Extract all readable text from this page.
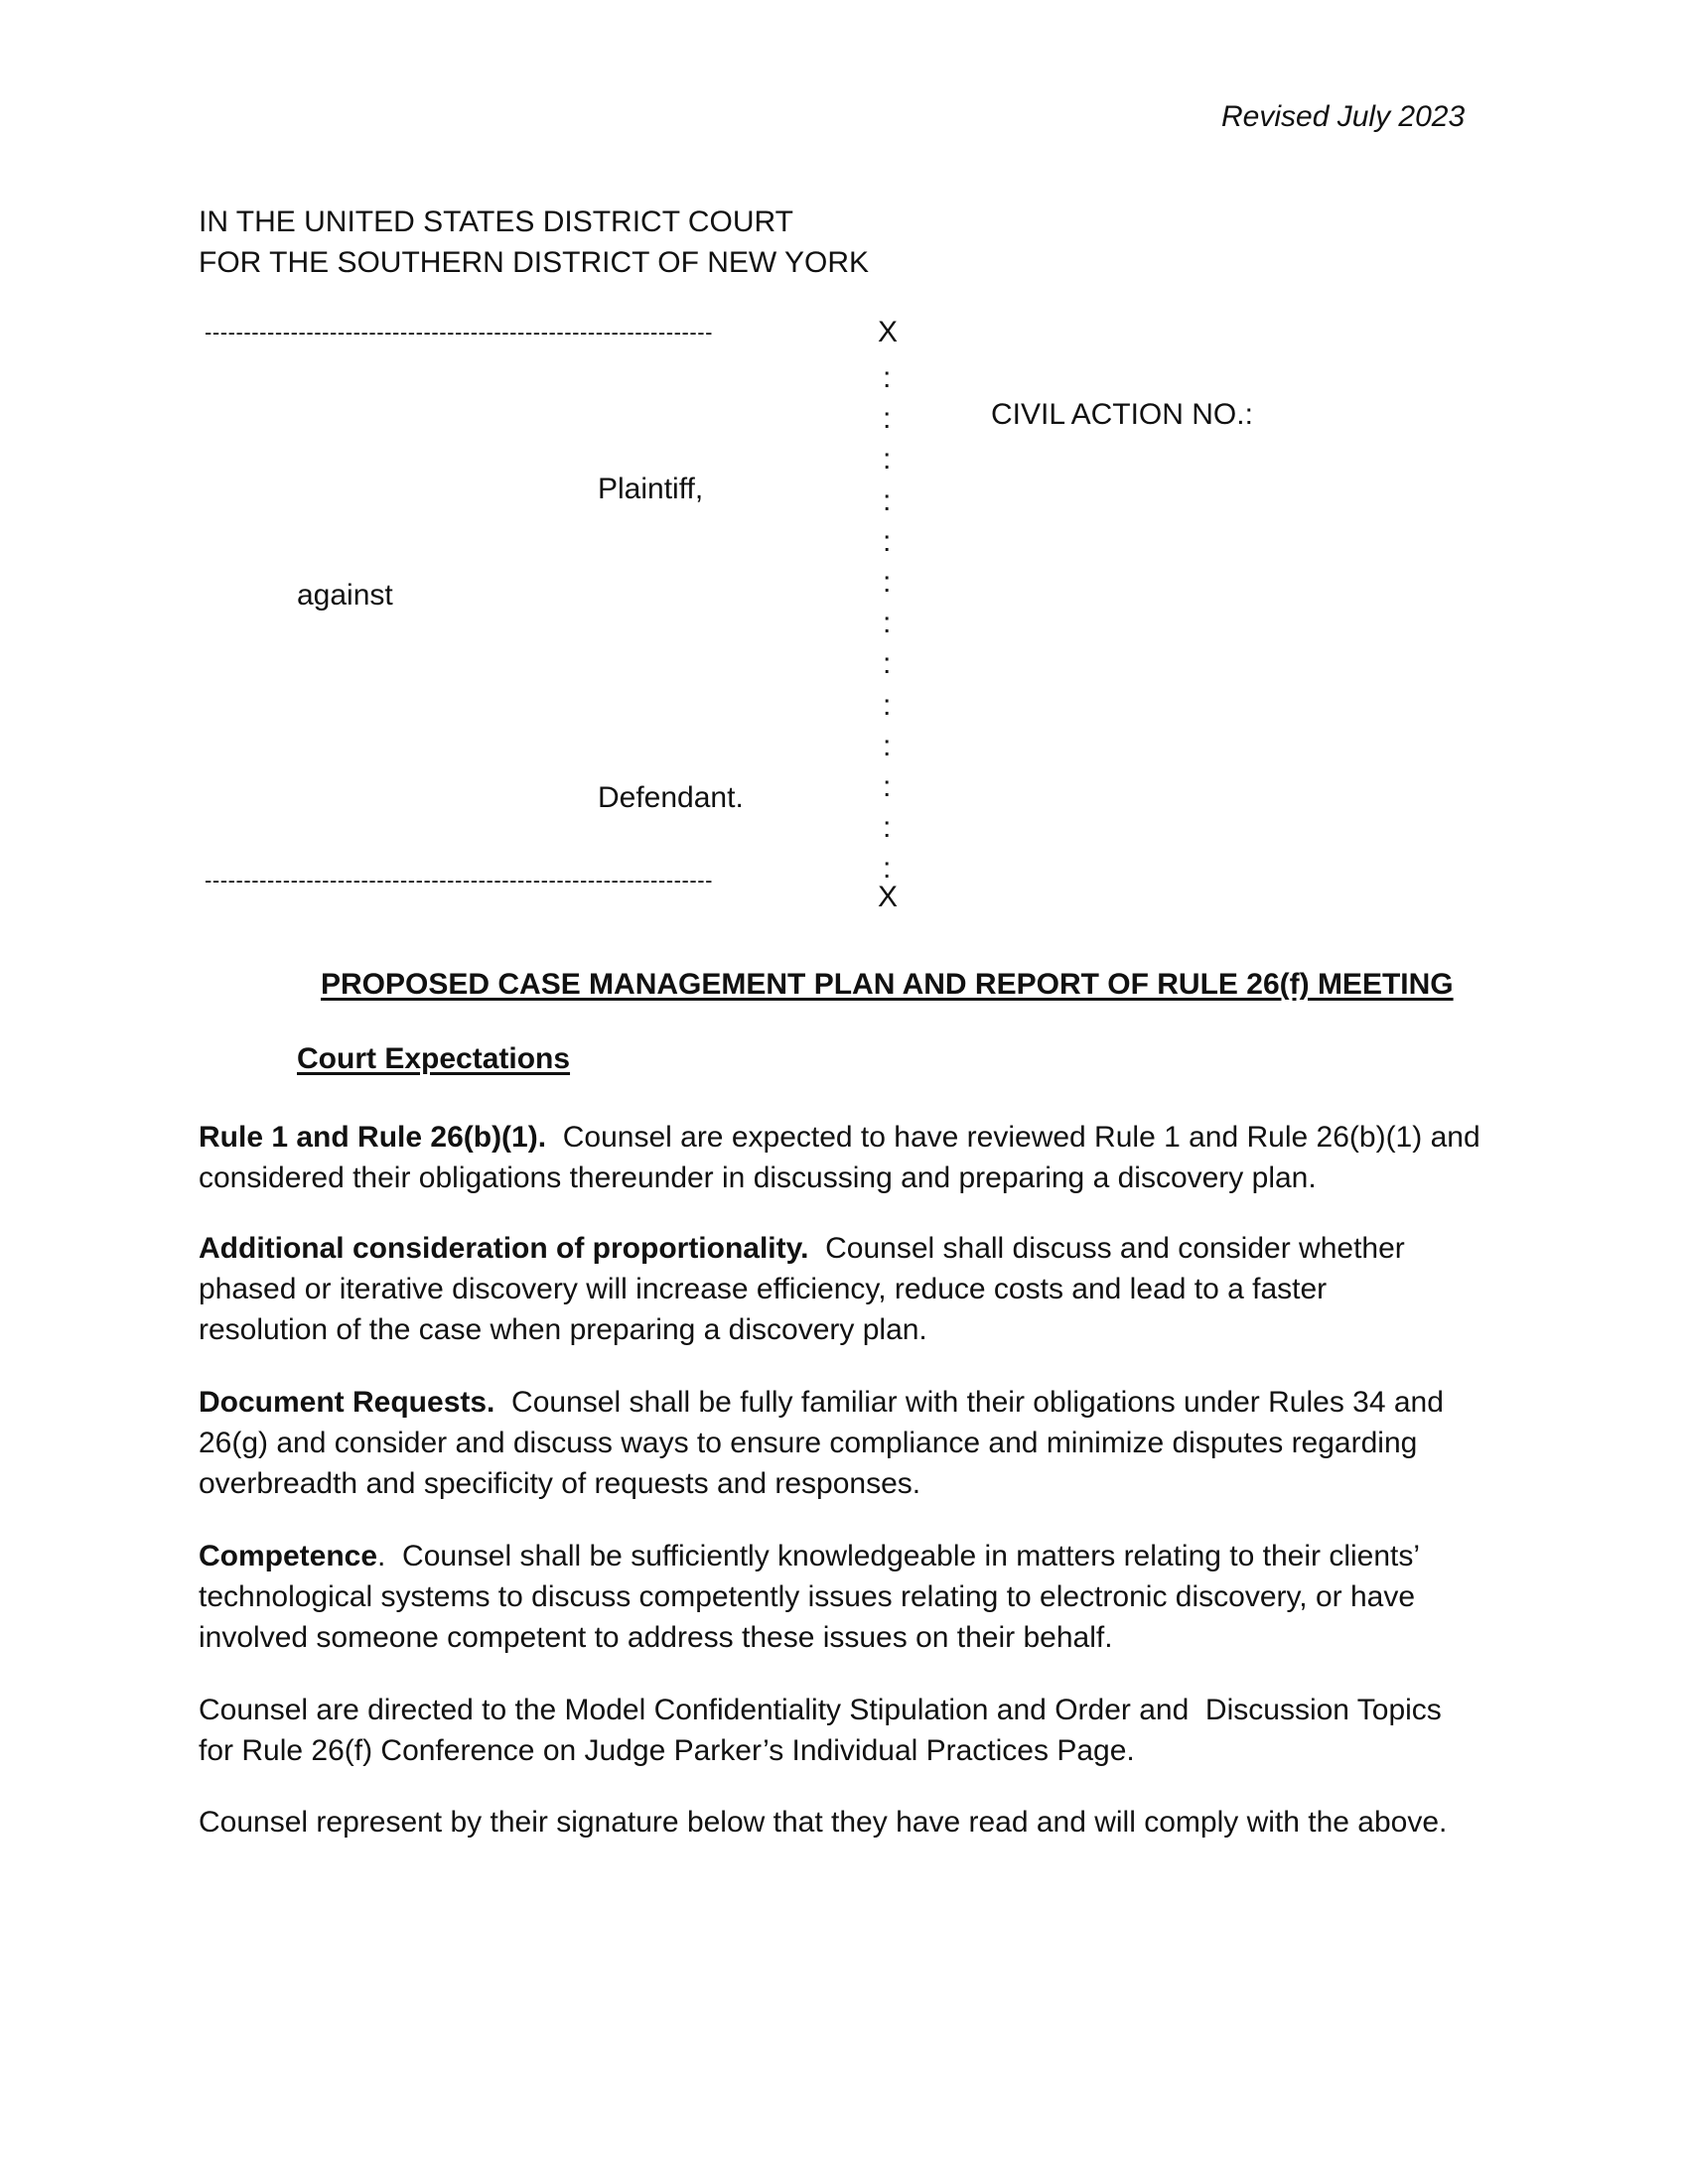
Revised July 2023
IN THE UNITED STATES DISTRICT COURT
FOR THE SOUTHERN DISTRICT OF NEW YORK
-----------------------------------------------------------------	X
:
:
:
:
:
:
:
:
:
:
:
:
:
CIVIL ACTION NO.:
Plaintiff,
against
Defendant.
-----------------------------------------------------------------
X
PROPOSED CASE MANAGEMENT PLAN AND REPORT OF RULE 26(f) MEETING
Court Expectations
Rule 1 and Rule 26(b)(1).  Counsel are expected to have reviewed Rule 1 and Rule 26(b)(1) and
considered their obligations thereunder in discussing and preparing a discovery plan.
Additional consideration of proportionality.  Counsel shall discuss and consider whether
phased or iterative discovery will increase efficiency, reduce costs and lead to a faster
resolution of the case when preparing a discovery plan.
Document Requests.  Counsel shall be fully familiar with their obligations under Rules 34 and
26(g) and consider and discuss ways to ensure compliance and minimize disputes regarding
overbreadth and specificity of requests and responses.
Competence.  Counsel shall be sufficiently knowledgeable in matters relating to their clients’
technological systems to discuss competently issues relating to electronic discovery, or have
involved someone competent to address these issues on their behalf.
Counsel are directed to the Model Confidentiality Stipulation and Order and  Discussion Topics
for Rule 26(f) Conference on Judge Parker’s Individual Practices Page.
Counsel represent by their signature below that they have read and will comply with the above.
